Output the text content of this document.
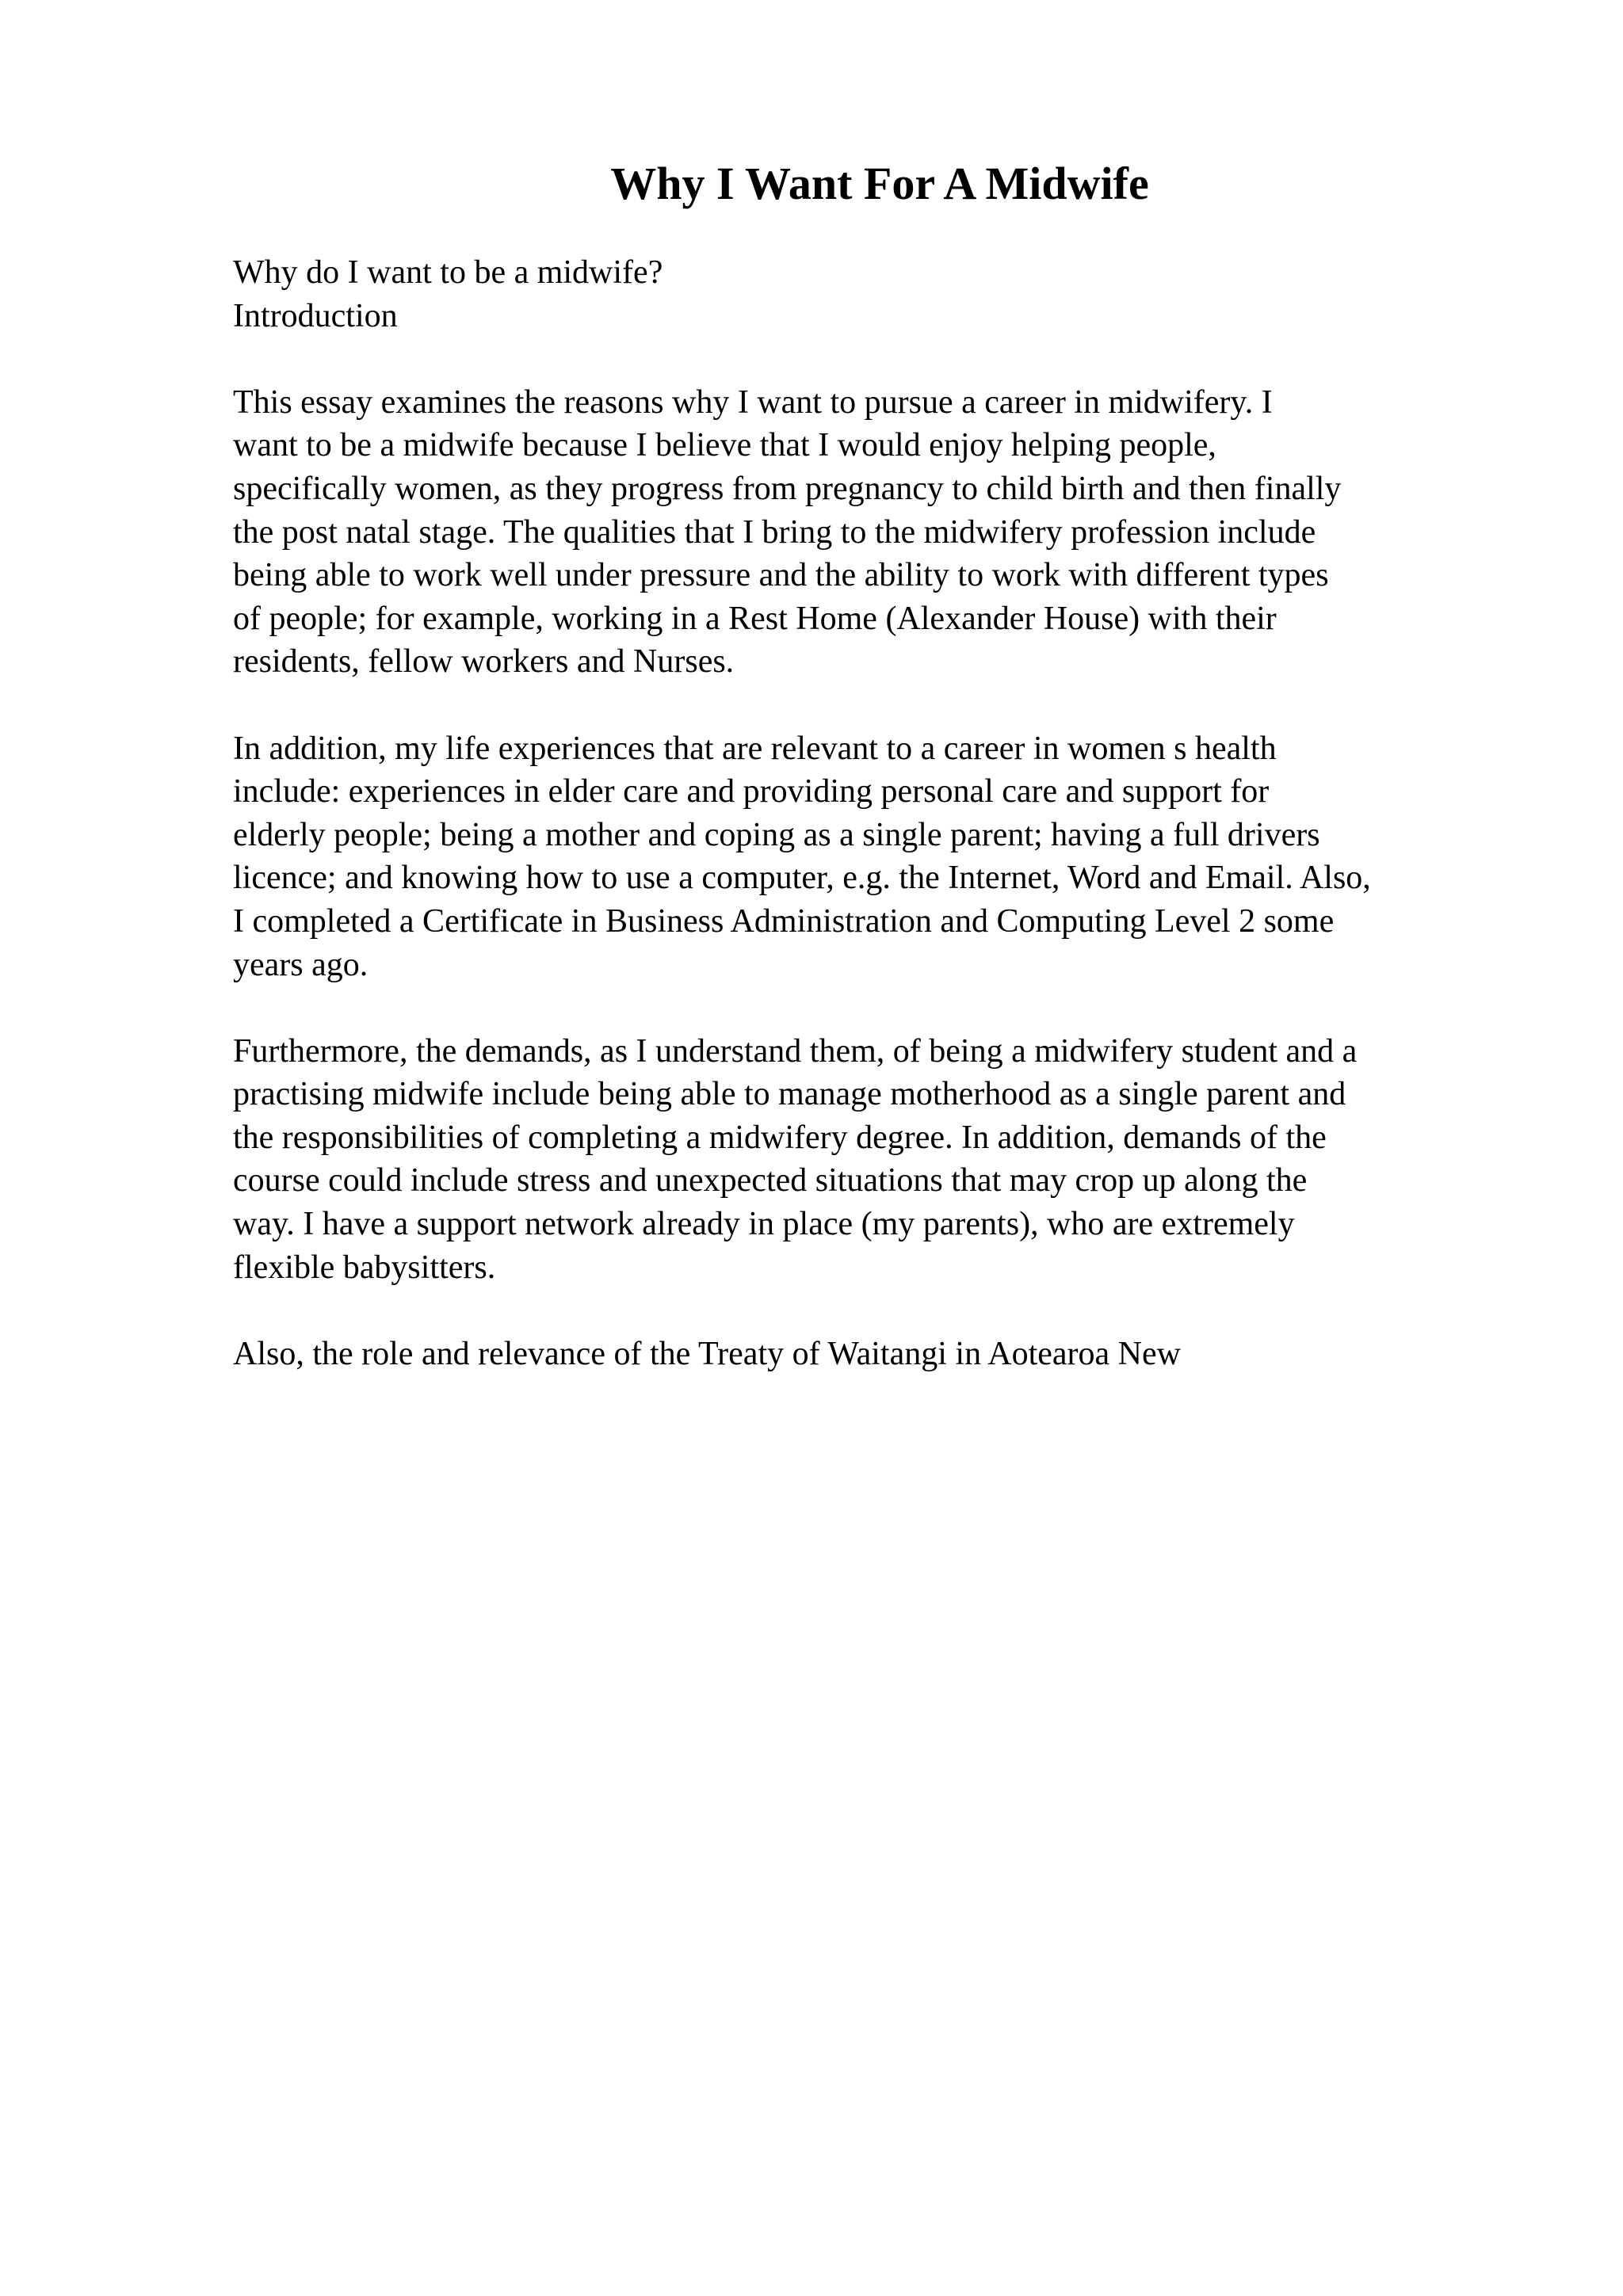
Why I Want For A Midwife
Why do I want to be a midwife?
Introduction
This essay examines the reasons why I want to pursue a career in midwifery. I
want to be a midwife because I believe that I would enjoy helping people,
specifically women, as they progress from pregnancy to child birth and then finally
the post natal stage. The qualities that I bring to the midwifery profession include
being able to work well under pressure and the ability to work with different types
of people; for example, working in a Rest Home (Alexander House) with their
residents, fellow workers and Nurses.
In addition, my life experiences that are relevant to a career in women s health
include: experiences in elder care and providing personal care and support for
elderly people; being a mother and coping as a single parent; having a full drivers
licence; and knowing how to use a computer, e.g. the Internet, Word and Email. Also,
I completed a Certificate in Business Administration and Computing Level 2 some
years ago.
Furthermore, the demands, as I understand them, of being a midwifery student and a
practising midwife include being able to manage motherhood as a single parent and
the responsibilities of completing a midwifery degree. In addition, demands of the
course could include stress and unexpected situations that may crop up along the
way. I have a support network already in place (my parents), who are extremely
flexible babysitters.
Also, the role and relevance of the Treaty of Waitangi in Aotearoa New
